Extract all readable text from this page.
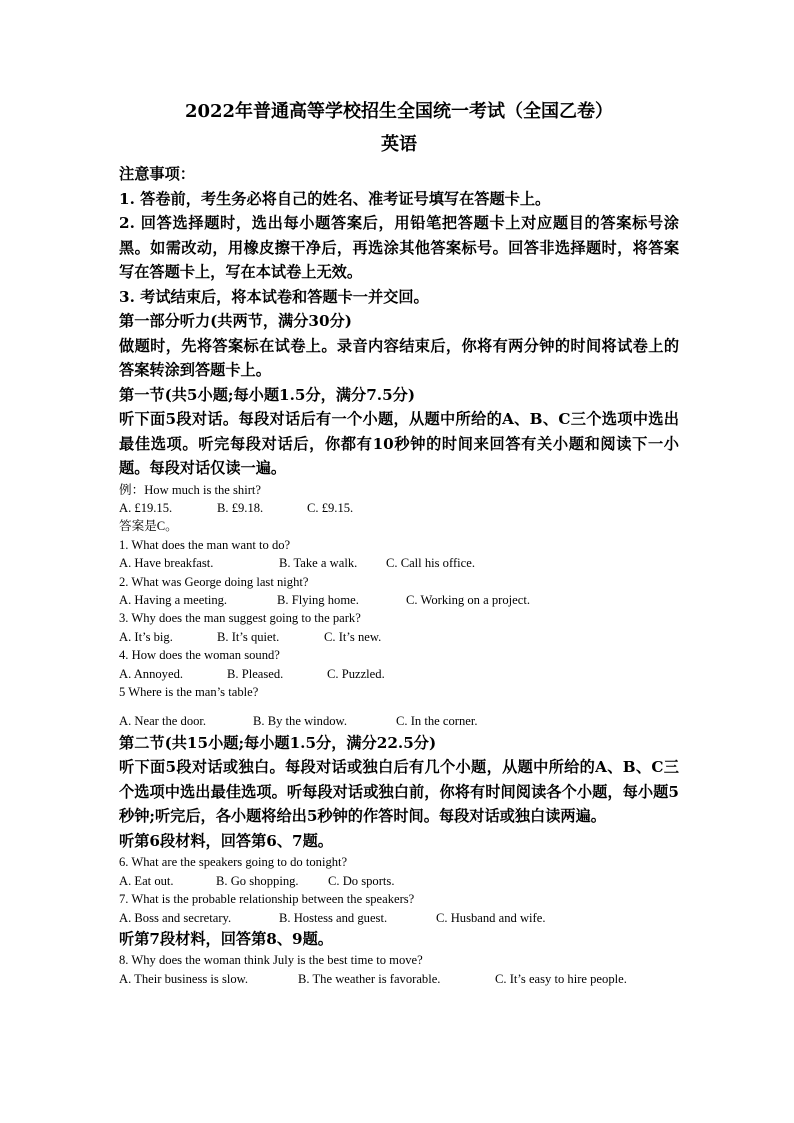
2022年普通高等学校招生全国统一考试（全国乙卷）
英语
注意事项：
1. 答卷前，考生务必将自己的姓名、准考证号填写在答题卡上。
2. 回答选择题时，选出每小题答案后，用铅笔把答题卡上对应题目的答案标号涂黑。如需改动，用橡皮擦干净后，再选涂其他答案标号。回答非选择题时，将答案写在答题卡上，写在本试卷上无效。
3. 考试结束后，将本试卷和答题卡一并交回。
第一部分听力(共两节，满分30分)
做题时，先将答案标在试卷上。录音内容结束后，你将有两分钟的时间将试卷上的答案转涂到答题卡上。
第一节(共5小题;每小题1.5分，满分7.5分)
听下面5段对话。每段对话后有一个小题，从题中所给的A、B、C三个选项中选出最佳选项。听完每段对话后，你都有10秒钟的时间来回答有关小题和阅读下一小题。每段对话仅读一遍。
例：How much is the shirt?
A. £19.15.	B. £9.18.	C. £9.15.
答案是C。
1. What does the man want to do?
A. Have breakfast.	B. Take a walk.	C. Call his office.
2. What was George doing last night?
A. Having a meeting.	B. Flying home.	C. Working on a project.
3. Why does the man suggest going to the park?
A. It’s big.	B. It’s quiet.	C. It’s new.
4. How does the woman sound?
A. Annoyed.	B. Pleased.	C. Puzzled.
5 Where is the man’s table?
A. Near the door.	B. By the window.	C. In the corner.
第二节(共15小题;每小题1.5分，满分22.5分)
听下面5段对话或独白。每段对话或独白后有几个小题，从题中所给的A、B、C三个选项中选出最佳选项。听每段对话或独白前，你将有时间阅读各个小题，每小题5秒钟;听完后，各小题将给出5秒钟的作答时间。每段对话或独白读两遍。
听第6段材料，回答第6、7题。
6. What are the speakers going to do tonight?
A. Eat out.	B. Go shopping.	C. Do sports.
7. What is the probable relationship between the speakers?
A. Boss and secretary.	B. Hostess and guest.	C. Husband and wife.
听第7段材料，回答第8、9题。
8. Why does the woman think July is the best time to move?
A. Their business is slow.	B. The weather is favorable.	C. It’s easy to hire people.
